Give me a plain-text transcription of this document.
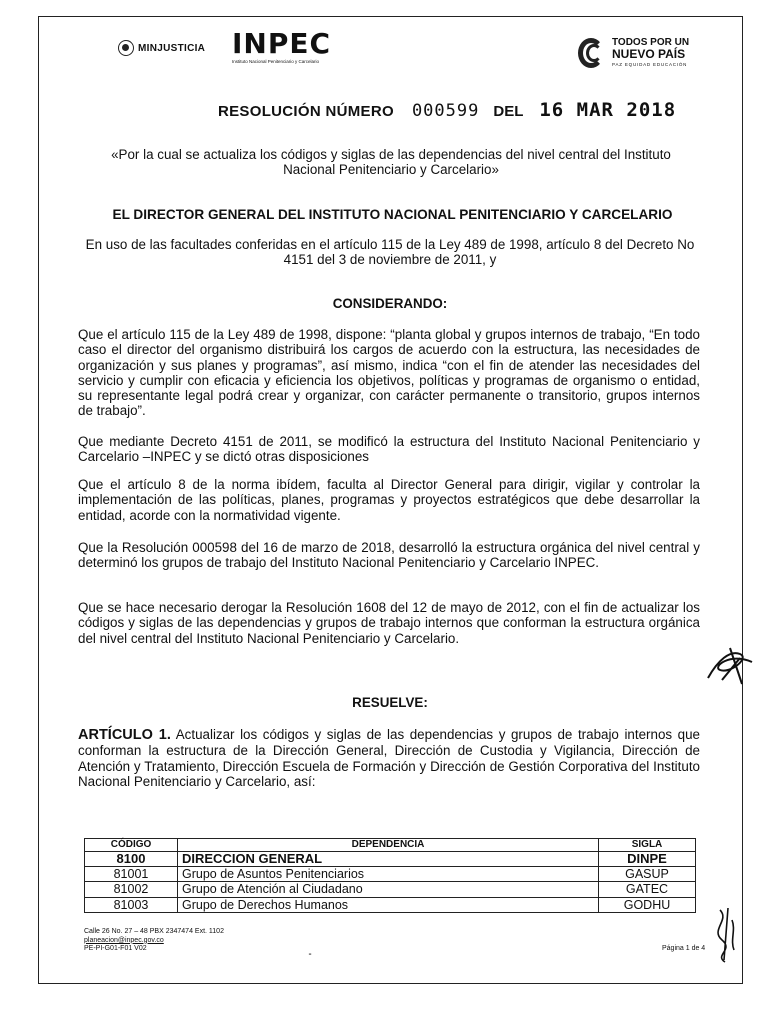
MINJUSTICIA INPEC
Instituto Nacional Penitenciario y Carcelario
TODOS POR UN
NUEVO PAÍS
PAZ EQUIDAD EDUCACIÓN
RESOLUCIÓN NÚMERO 000599 DEL 16 MAR 2018
«Por la cual se actualiza los códigos y siglas de las dependencias del nivel central del Instituto Nacional Penitenciario y Carcelario»
EL DIRECTOR GENERAL DEL INSTITUTO NACIONAL PENITENCIARIO Y CARCELARIO
En uso de las facultades conferidas en el artículo 115 de la Ley 489 de 1998, artículo 8 del Decreto No 4151 del 3 de noviembre de 2011, y
CONSIDERANDO:
Que el artículo 115 de la Ley 489 de 1998, dispone: “planta global y grupos internos de trabajo, “En todo caso el director del organismo distribuirá los cargos de acuerdo con la estructura, las necesidades de organización y sus planes y programas”, así mismo, indica “con el fin de atender las necesidades del servicio y cumplir con eficacia y eficiencia los objetivos, políticas y programas de organismo o entidad, su representante legal podrá crear y organizar, con carácter permanente o transitorio, grupos internos de trabajo”.
Que mediante Decreto 4151 de 2011, se modificó la estructura del Instituto Nacional Penitenciario y Carcelario –INPEC y se dictó otras disposiciones
Que el artículo 8 de la norma ibídem, faculta al Director General para dirigir, vigilar y controlar la implementación de las políticas, planes, programas y proyectos estratégicos que debe desarrollar la entidad, acorde con la normatividad vigente.
Que la Resolución 000598 del 16 de marzo de 2018, desarrolló la estructura orgánica del nivel central y determinó los grupos de trabajo del Instituto Nacional Penitenciario y Carcelario INPEC.
Que se hace necesario derogar la Resolución 1608 del 12 de mayo de 2012, con el fin de actualizar los códigos y siglas de las dependencias y grupos de trabajo internos que conforman la estructura orgánica del nivel central del Instituto Nacional Penitenciario y Carcelario.
RESUELVE:
ARTÍCULO 1. Actualizar los códigos y siglas de las dependencias y grupos de trabajo internos que conforman la estructura de la Dirección General, Dirección de Custodia y Vigilancia, Dirección de Atención y Tratamiento, Dirección Escuela de Formación y Dirección de Gestión Corporativa del Instituto Nacional Penitenciario y Carcelario, así:
CÓDIGO	DEPENDENCIA	SIGLA
8100	DIRECCION GENERAL	DINPE
81001	Grupo de Asuntos Penitenciarios	GASUP
81002	Grupo de Atención al Ciudadano	GATEC
81003	Grupo de Derechos Humanos	GODHU
Calle 26 No. 27 – 48 PBX 2347474 Ext. 1102
planeacion@inpec.gov.co
PE-PI-G01-F01 V02
⁃
Página 1 de 4
